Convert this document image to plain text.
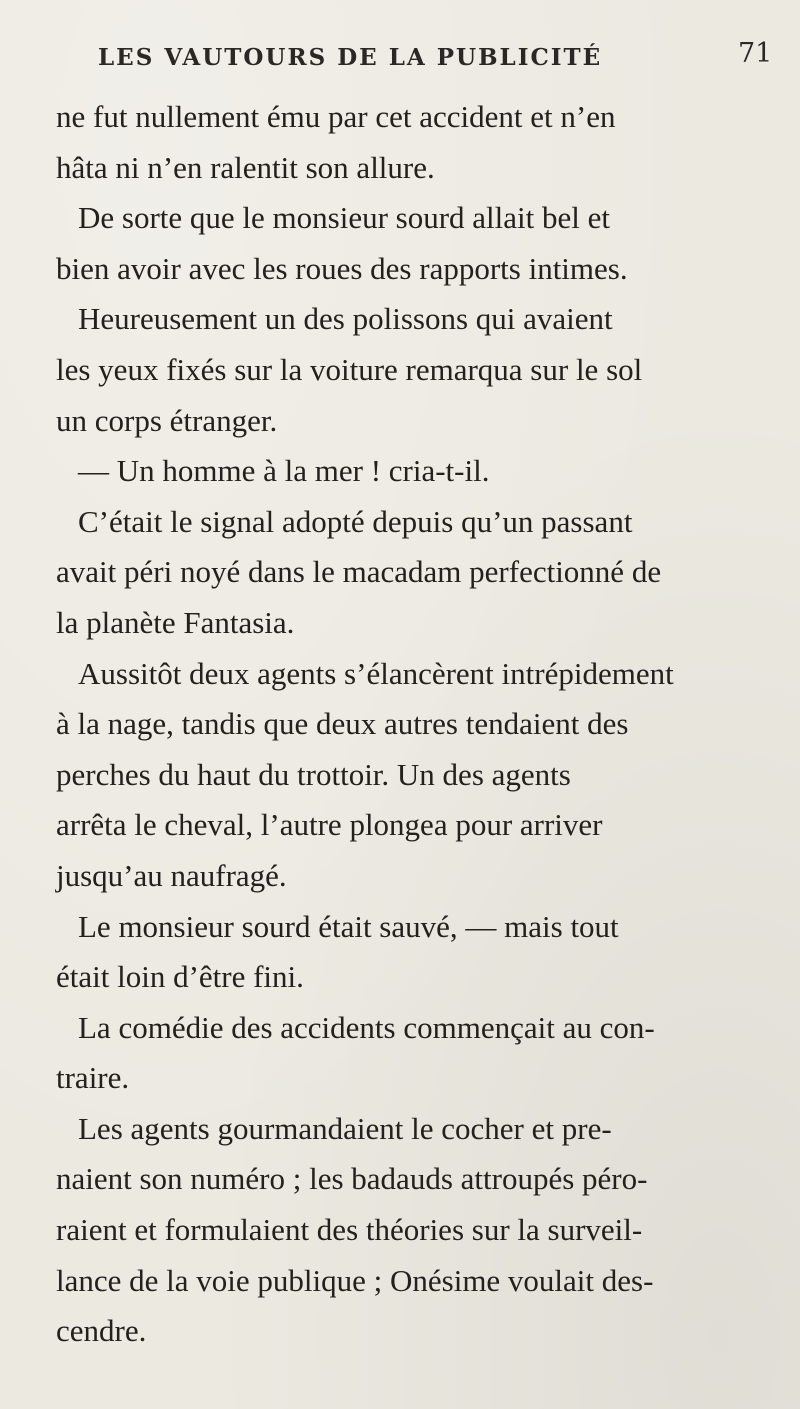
LES VAUTOURS DE LA PUBLICITÉ	71
ne fut nullement ému par cet accident et n’en
hâta ni n’en ralentit son allure.
De sorte que le monsieur sourd allait bel et
bien avoir avec les roues des rapports intimes.
Heureusement un des polissons qui avaient
les yeux fixés sur la voiture remarqua sur le sol
un corps étranger.
— Un homme à la mer ! cria-t-il.
C’était le signal adopté depuis qu’un passant
avait péri noyé dans le macadam perfectionné de
la planète Fantasia.
Aussitôt deux agents s’élancèrent intrépidement
à la nage, tandis que deux autres tendaient des
perches du haut du trottoir. Un des agents
arrêta le cheval, l’autre plongea pour arriver
jusqu’au naufragé.
Le monsieur sourd était sauvé, — mais tout
était loin d’être fini.
La comédie des accidents commençait au con-
traire.
Les agents gourmandaient le cocher et pre-
naient son numéro ; les badauds attroupés péro-
raient et formulaient des théories sur la surveil-
lance de la voie publique ; Onésime voulait des-
cendre.
